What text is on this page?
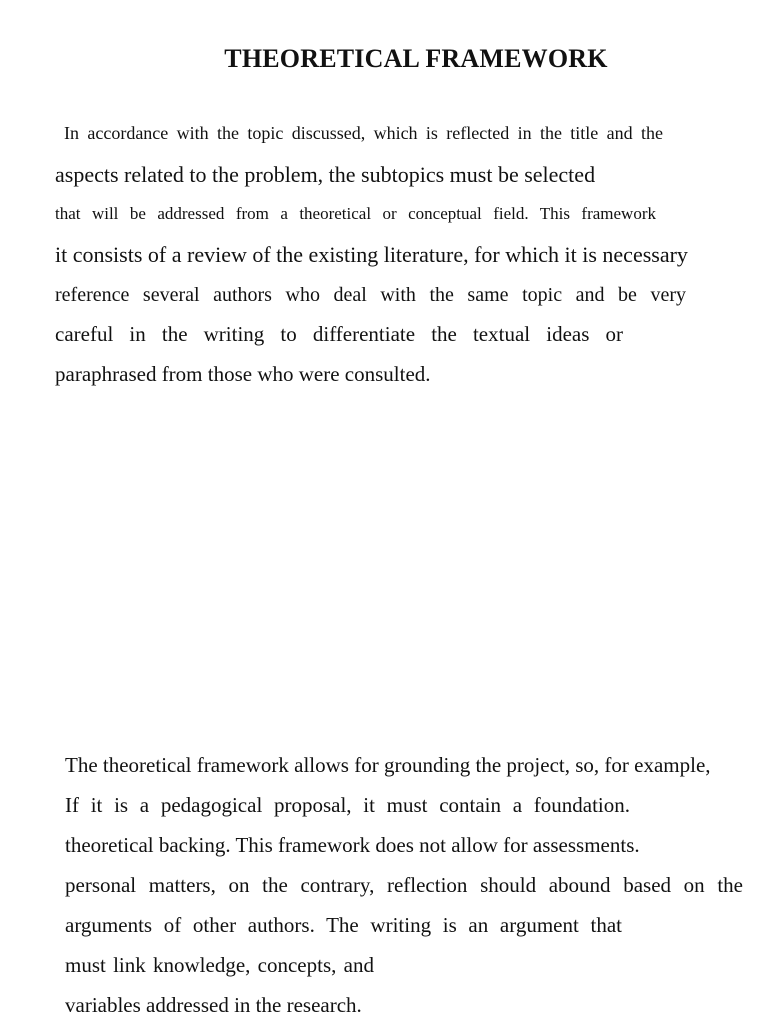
THEORETICAL FRAMEWORK
In accordance with the topic discussed, which is reflected in the title and the
aspects related to the problem, the subtopics must be selected
that will be addressed from a theoretical or conceptual field. This framework
it consists of a review of the existing literature, for which it is necessary
reference several authors who deal with the same topic and be very
careful in the writing to differentiate the textual ideas or
paraphrased from those who were consulted.
The theoretical framework allows for grounding the project, so, for example,
If it is a pedagogical proposal, it must contain a foundation.
theoretical backing. This framework does not allow for assessments.
personal matters, on the contrary, reflection should abound based on the
arguments of other authors. The writing is an argument that
must link knowledge, concepts, and
variables addressed in the research.
